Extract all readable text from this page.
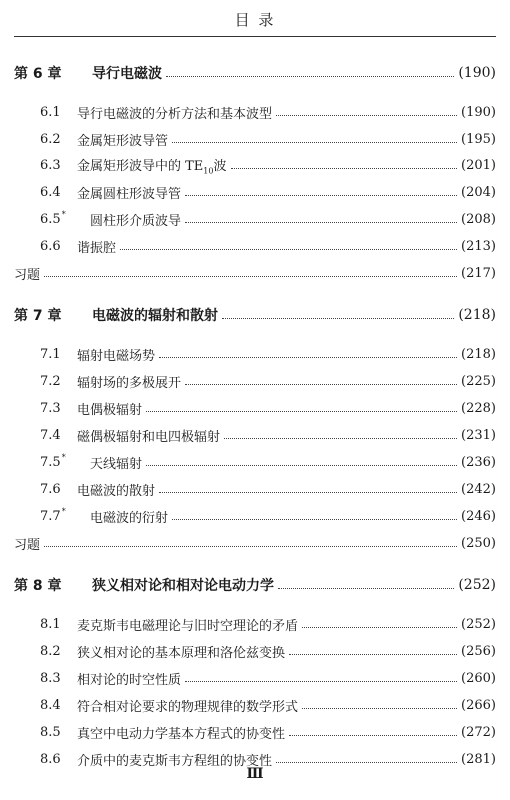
目 录
第 6 章	导行电磁波	(190)
6.1	导行电磁波的分析方法和基本波型	(190)
6.2	金属矩形波导管	(195)
6.3	金属矩形波导中的 $TE_{10}$波	(201)
6.4	金属圆柱形波导管	(204)
6.5*	圆柱形介质波导	(208)
6.6	谐振腔	(213)
习题	(217)
第 7 章	电磁波的辐射和散射	(218)
7.1	辐射电磁场势	(218)
7.2	辐射场的多极展开	(225)
7.3	电偶极辐射	(228)
7.4	磁偶极辐射和电四极辐射	(231)
7.5*	天线辐射	(236)
7.6	电磁波的散射	(242)
7.7*	电磁波的衍射	(246)
习题	(250)
第 8 章	狭义相对论和相对论电动力学	(252)
8.1	麦克斯韦电磁理论与旧时空理论的矛盾	(252)
8.2	狭义相对论的基本原理和洛伦兹变换	(256)
8.3	相对论的时空性质	(260)
8.4	符合相对论要求的物理规律的数学形式	(266)
8.5	真空中电动力学基本方程式的协变性	(272)
8.6	介质中的麦克斯韦方程组的协变性	(281)
Ⅲ
